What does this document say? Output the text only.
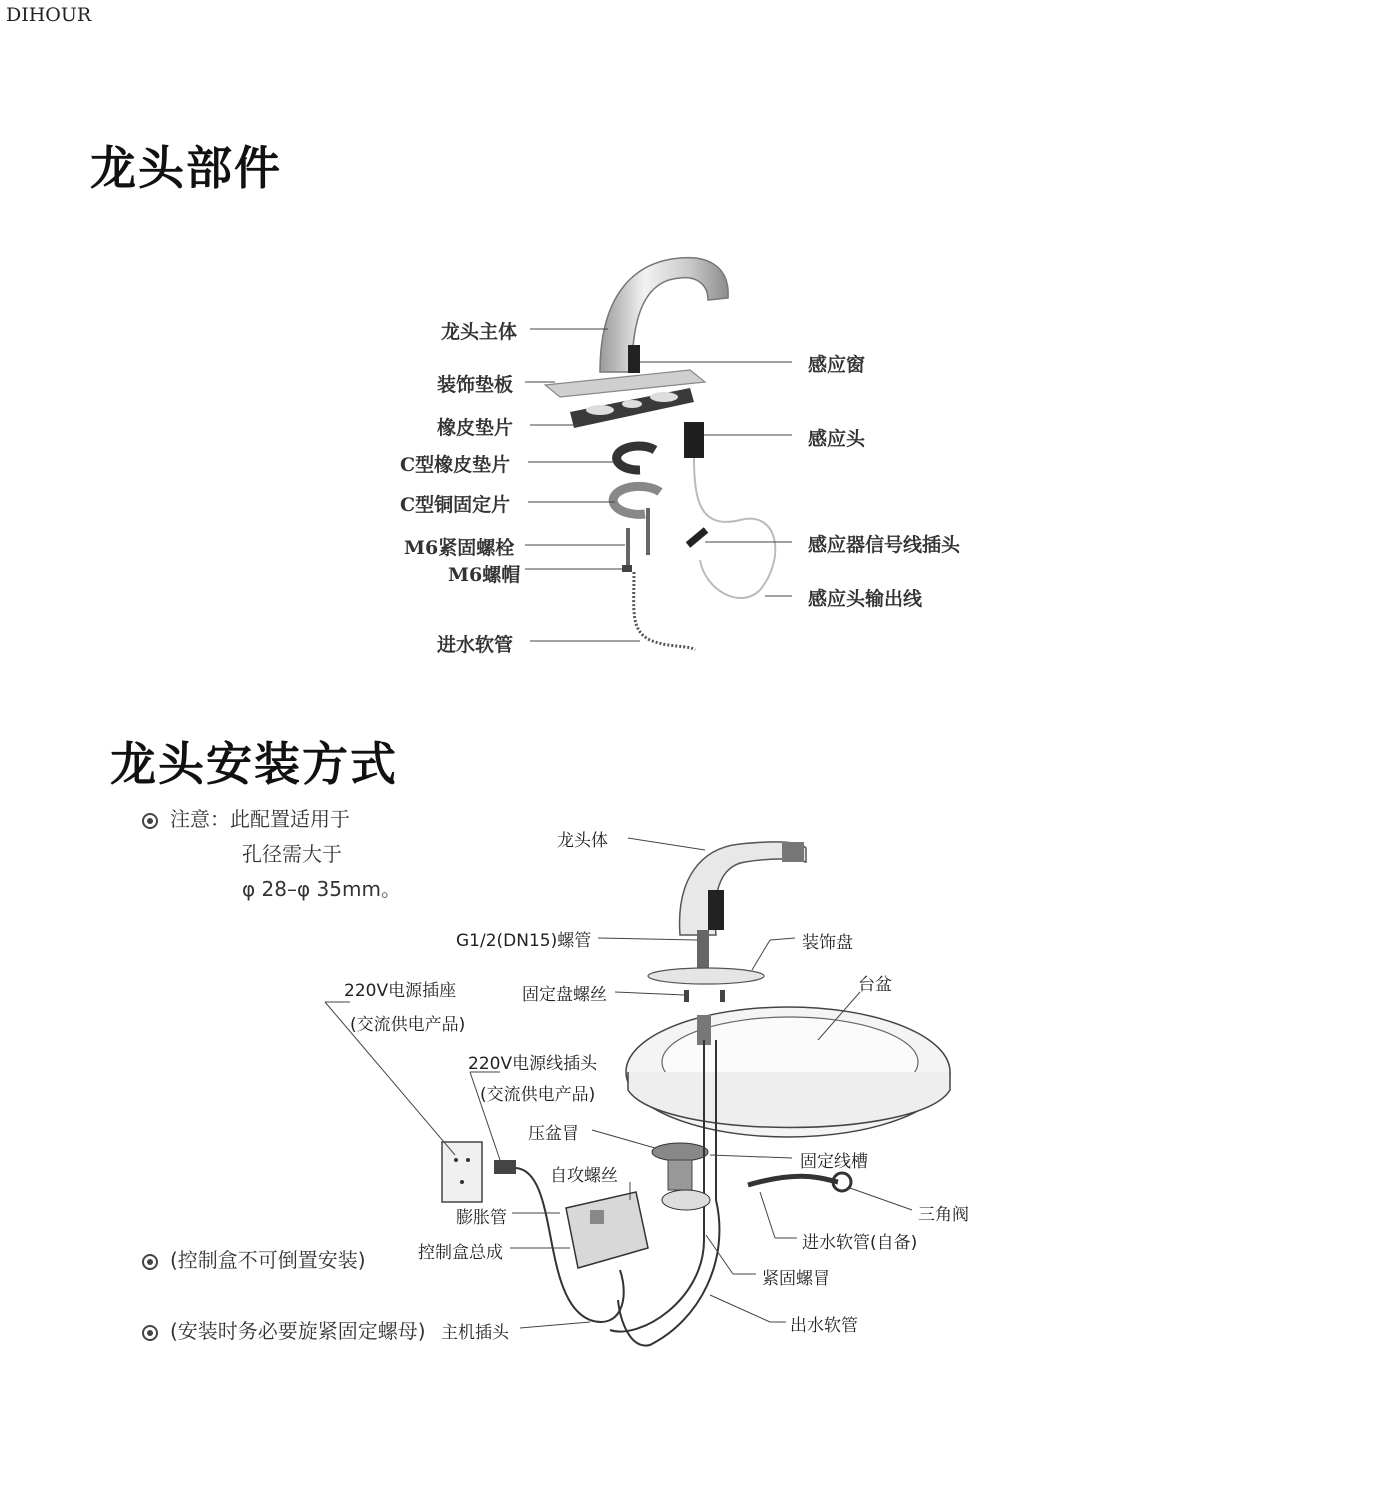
DIHOUR
龙头部件
龙头主体
装饰垫板
橡皮垫片
C型橡皮垫片
C型铜固定片
M6紧固螺栓
M6螺帽
进水软管
感应窗
感应头
感应器信号线插头
感应头输出线
龙头安装方式
注意：此配置适用于
孔径需大于
φ 28–φ 35mm。
(控制盒不可倒置安装)
(安装时务必要旋紧固定螺母)
龙头体
G1/2(DN15)螺管	装饰盘
固定盘螺丝	台盆
220V电源插座
(交流供电产品)
220V电源线插头
(交流供电产品)
压盆冒
固定线槽
自攻螺丝
三角阀
膨胀管
进水软管(自备)
控制盒总成
紧固螺冒
主机插头	出水软管
